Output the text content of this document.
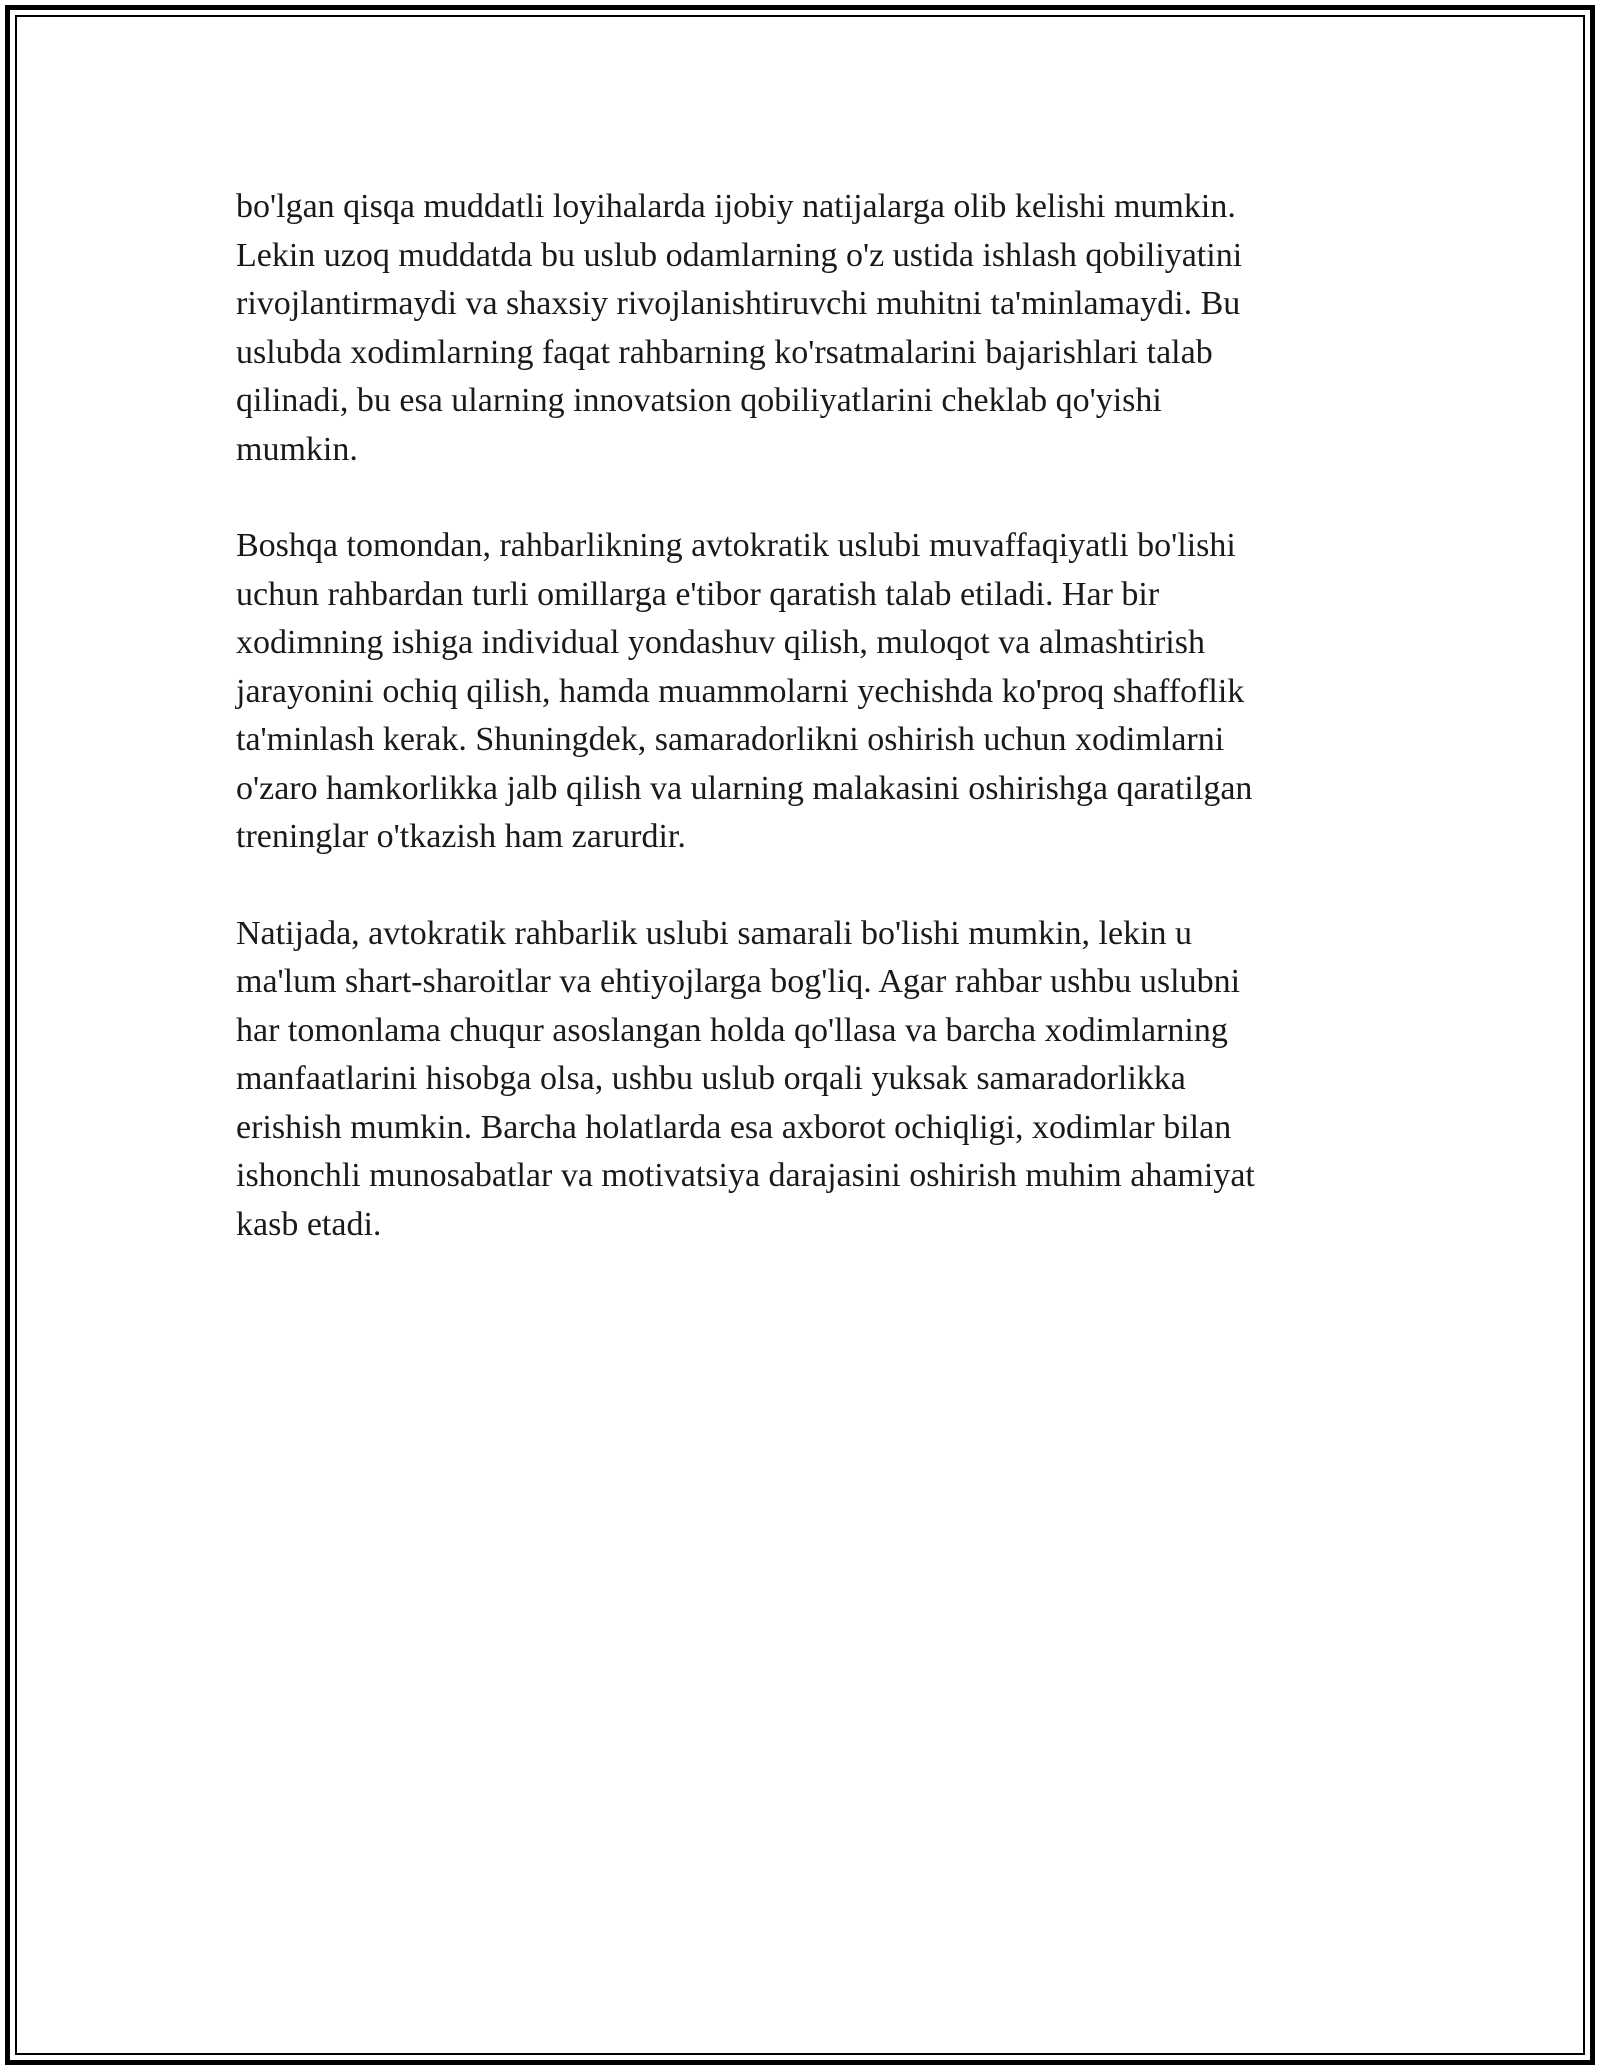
bo'lgan qisqa muddatli loyihalarda ijobiy natijalarga olib kelishi mumkin.
Lekin uzoq muddatda bu uslub odamlarning o'z ustida ishlash qobiliyatini
rivojlantirmaydi va shaxsiy rivojlanishtiruvchi muhitni ta'minlamaydi. Bu
uslubda xodimlarning faqat rahbarning ko'rsatmalarini bajarishlari talab
qilinadi, bu esa ularning innovatsion qobiliyatlarini cheklab qo'yishi
mumkin.

Boshqa tomondan, rahbarlikning avtokratik uslubi muvaffaqiyatli bo'lishi
uchun rahbardan turli omillarga e'tibor qaratish talab etiladi. Har bir
xodimning ishiga individual yondashuv qilish, muloqot va almashtirish
jarayonini ochiq qilish, hamda muammolarni yechishda ko'proq shaffoflik
ta'minlash kerak. Shuningdek, samaradorlikni oshirish uchun xodimlarni
o'zaro hamkorlikka jalb qilish va ularning malakasini oshirishga qaratilgan
treninglar o'tkazish ham zarurdir.

Natijada, avtokratik rahbarlik uslubi samarali bo'lishi mumkin, lekin u
ma'lum shart-sharoitlar va ehtiyojlarga bog'liq. Agar rahbar ushbu uslubni
har tomonlama chuqur asoslangan holda qo'llasa va barcha xodimlarning
manfaatlarini hisobga olsa, ushbu uslub orqali yuksak samaradorlikka
erishish mumkin. Barcha holatlarda esa axborot ochiqligi, xodimlar bilan
ishonchli munosabatlar va motivatsiya darajasini oshirish muhim ahamiyat
kasb etadi.
